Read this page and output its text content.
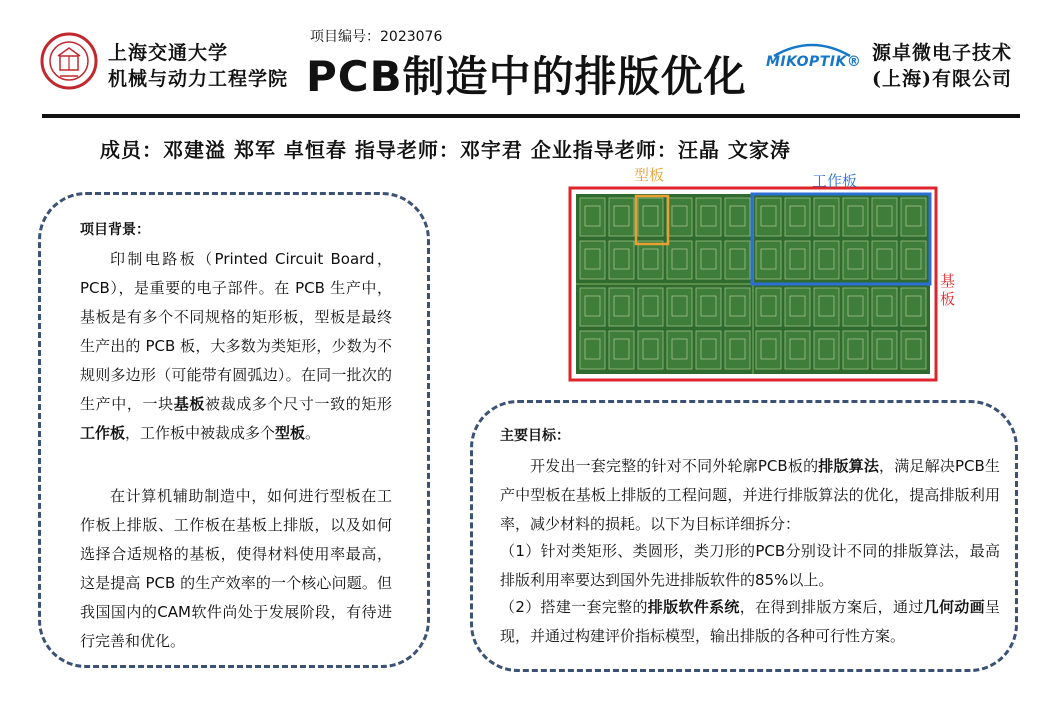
上海交通大学
机械与动力工程学院
项目编号：2023076
PCB制造中的排版优化 MIKOPTIK® 源卓微电子技术
(上海)有限公司
成员：邓建溢 郑军 卓恒春 指导老师：邓宇君 企业指导老师：汪晶 文家涛
项目背景：
印制电路板（Printed Circuit Board，PCB），是重要的电子部件。在 PCB 生产中，基板是有多个不同规格的矩形板，型板是最终生产出的 PCB 板，大多数为类矩形，少数为不规则多边形（可能带有圆弧边）。在同一批次的生产中，一块基板被裁成多个尺寸一致的矩形工作板，工作板中被裁成多个型板。
在计算机辅助制造中，如何进行型板在工作板上排版、工作板在基板上排版，以及如何选择合适规格的基板，使得材料使用率最高，这是提高 PCB 的生产效率的一个核心问题。但我国国内的CAM软件尚处于发展阶段，有待进行完善和优化。
型板	工作板
基板
主要目标：
开发出一套完整的针对不同外轮廓PCB板的排版算法，满足解决PCB生产中型板在基板上排版的工程问题，并进行排版算法的优化，提高排版利用率，减少材料的损耗。以下为目标详细拆分：
（1）针对类矩形、类圆形，类刀形的PCB分别设计不同的排版算法，最高排版利用率要达到国外先进排版软件的85%以上。
（2）搭建一套完整的排版软件系统，在得到排版方案后，通过几何动画呈现，并通过构建评价指标模型，输出排版的各种可行性方案。
